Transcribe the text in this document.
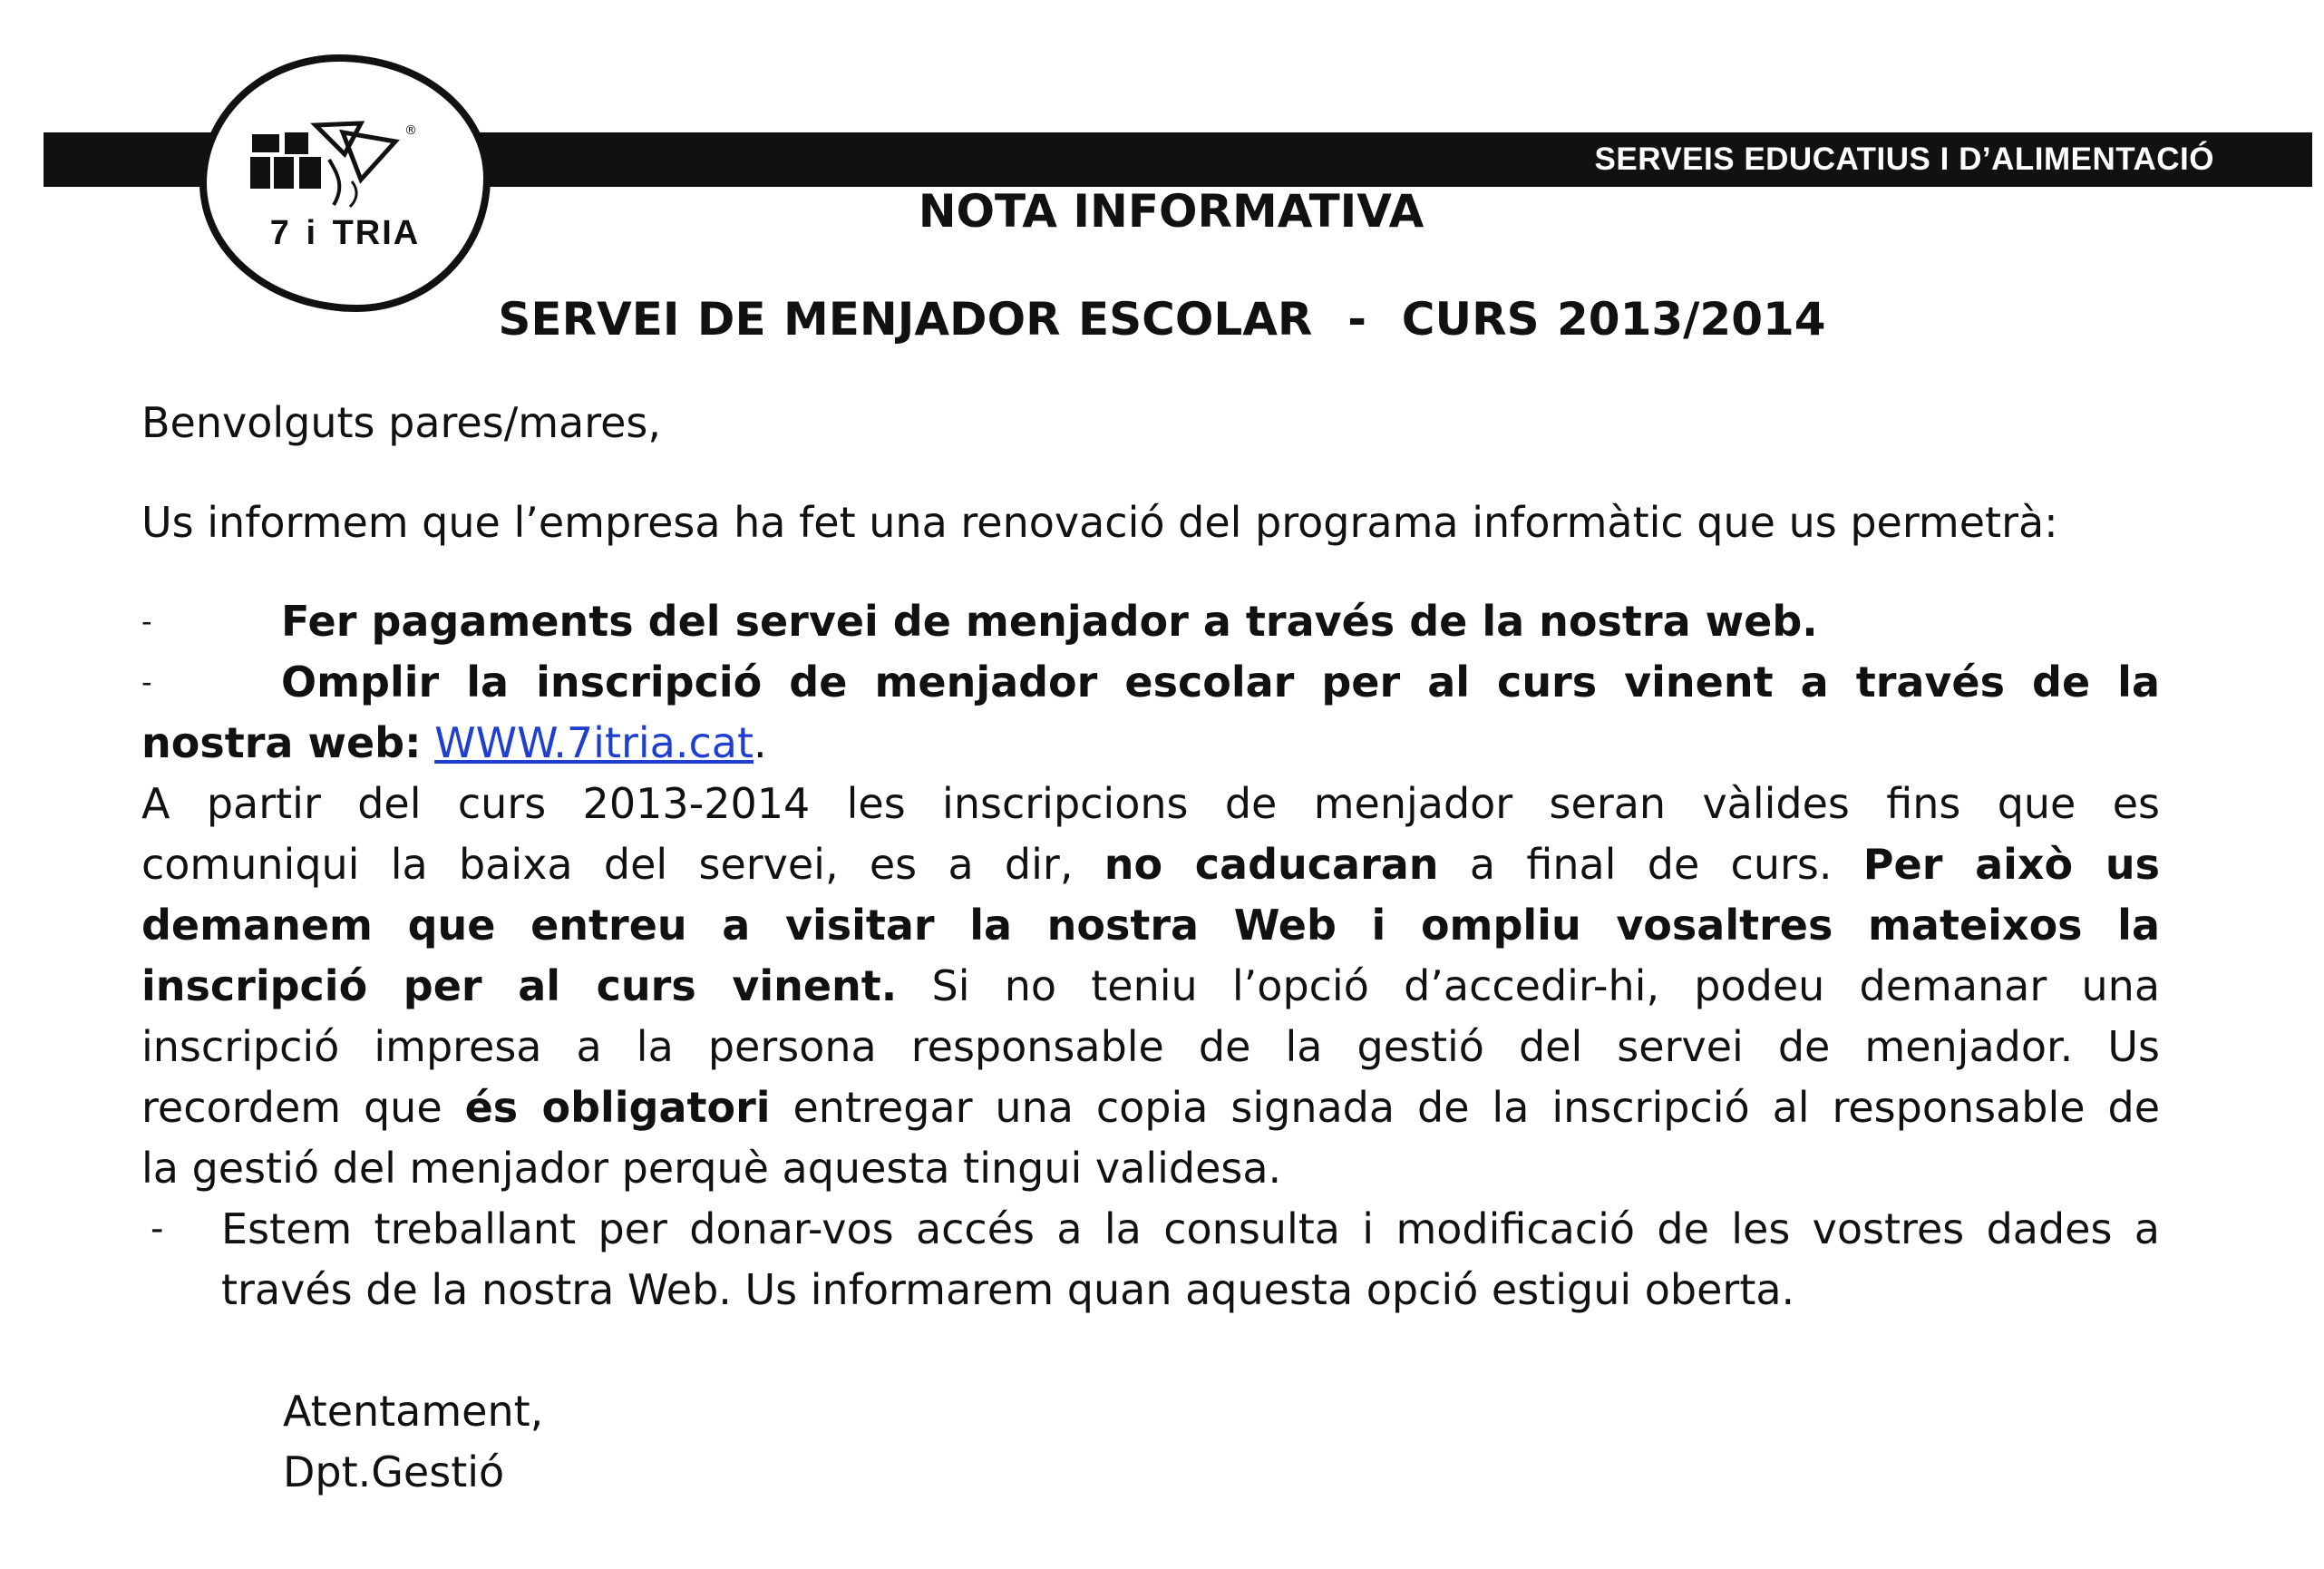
SERVEIS EDUCATIUS I D’ALIMENTACIÓ
®
7 i TRIA	NOTA INFORMATIVA
SERVEI DE MENJADOR ESCOLAR  -  CURS 2013/2014
Benvolguts pares/mares,
Us informem que l’empresa ha fet una renovació del programa informàtic que us permetrà:
-	Fer pagaments del servei de menjador a través de la nostra web.
-	Omplir la inscripció de menjador escolar per al curs vinent a través de la
nostra web: WWW.7itria.cat.
A partir del curs 2013-2014 les inscripcions de menjador seran vàlides fins que es
comuniqui la baixa del servei, es a dir, no caducaran a final de curs. Per això us
demanem que entreu a visitar la nostra Web i ompliu vosaltres mateixos la
inscripció per al curs vinent. Si no teniu l’opció d’accedir-hi, podeu demanar una
inscripció impresa a la persona responsable de la gestió del servei de menjador. Us
recordem que és obligatori entregar una copia signada de la inscripció al responsable de
la gestió del menjador perquè aquesta tingui validesa.
- Estem treballant per donar-vos accés a la consulta i modificació de les vostres dades a
través de la nostra Web. Us informarem quan aquesta opció estigui oberta.
Atentament,
Dpt.Gestió
